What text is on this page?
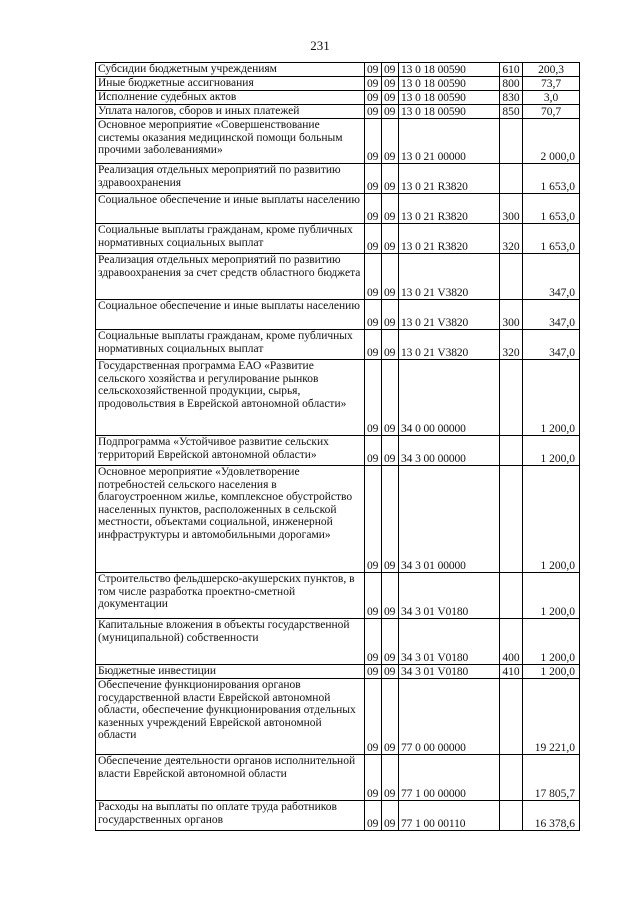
231
Субсидии бюджетным учреждениям	09	09	13 0 18 00590	610	200,3
Иные бюджетные ассигнования	09	09	13 0 18 00590	800	73,7
Исполнение судебных актов	09	09	13 0 18 00590	830	3,0
Уплата налогов, сборов и иных платежей	09	09	13 0 18 00590	850	70,7
Основное мероприятие «Совершенствование системы оказания медицинской помощи больным прочими заболеваниями»	09	09	13 0 21 00000		2 000,0
Реализация отдельных мероприятий по развитию здравоохранения	09	09	13 0 21 R3820		1 653,0
Социальное обеспечение и иные выплаты населению	09	09	13 0 21 R3820	300	1 653,0
Социальные выплаты гражданам, кроме публичных нормативных социальных выплат	09	09	13 0 21 R3820	320	1 653,0
Реализация отдельных мероприятий по развитию здравоохранения за счет средств областного бюджета	09	09	13 0 21 V3820		347,0
Социальное обеспечение и иные выплаты населению	09	09	13 0 21 V3820	300	347,0
Социальные выплаты гражданам, кроме публичных нормативных социальных выплат	09	09	13 0 21 V3820	320	347,0
Государственная программа ЕАО «Развитие сельского хозяйства и регулирование рынков сельскохозяйственной продукции, сырья, продовольствия в Еврейской автономной области»	09	09	34 0 00 00000		1 200,0
Подпрограмма «Устойчивое развитие сельских территорий Еврейской автономной области»	09	09	34 3 00 00000		1 200,0
Основное мероприятие «Удовлетворение потребностей сельского населения в благоустроенном жилье, комплексное обустройство населенных пунктов, расположенных в сельской местности, объектами социальной, инженерной инфраструктуры и автомобильными дорогами»	09	09	34 3 01 00000		1 200,0
Строительство фельдшерско-акушерских пунктов, в том числе разработка проектно-сметной документации	09	09	34 3 01 V0180		1 200,0
Капитальные вложения в объекты государственной (муниципальной) собственности	09	09	34 3 01 V0180	400	1 200,0
Бюджетные инвестиции	09	09	34 3 01 V0180	410	1 200,0
Обеспечение функционирования органов государственной власти Еврейской автономной области, обеспечение функционирования отдельных казенных учреждений Еврейской автономной области	09	09	77 0 00 00000		19 221,0
Обеспечение деятельности органов исполнительной власти Еврейской автономной области	09	09	77 1 00 00000		17 805,7
Расходы на выплаты по оплате труда работников государственных органов	09	09	77 1 00 00110		16 378,6
